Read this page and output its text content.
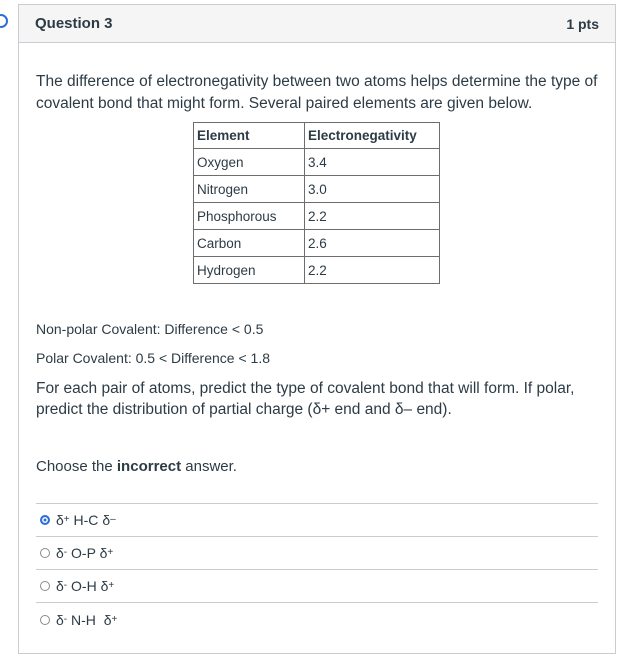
Question 3	1 pts
The difference of electronegativity between two atoms helps determine the type of covalent bond that might form. Several paired elements are given below.
Element	Electronegativity
Oxygen	3.4
Nitrogen	3.0
Phosphorous	2.2
Carbon	2.6
Hydrogen	2.2
Non-polar Covalent: Difference < 0.5
Polar Covalent: 0.5 < Difference < 1.8
For each pair of atoms, predict the type of covalent bond that will form. If polar, predict the distribution of partial charge (δ+ end and δ– end).
Choose the incorrect answer.
δ + H-C δ –
δ - O-P δ +
δ - O-H δ +
δ - N-H δ +
